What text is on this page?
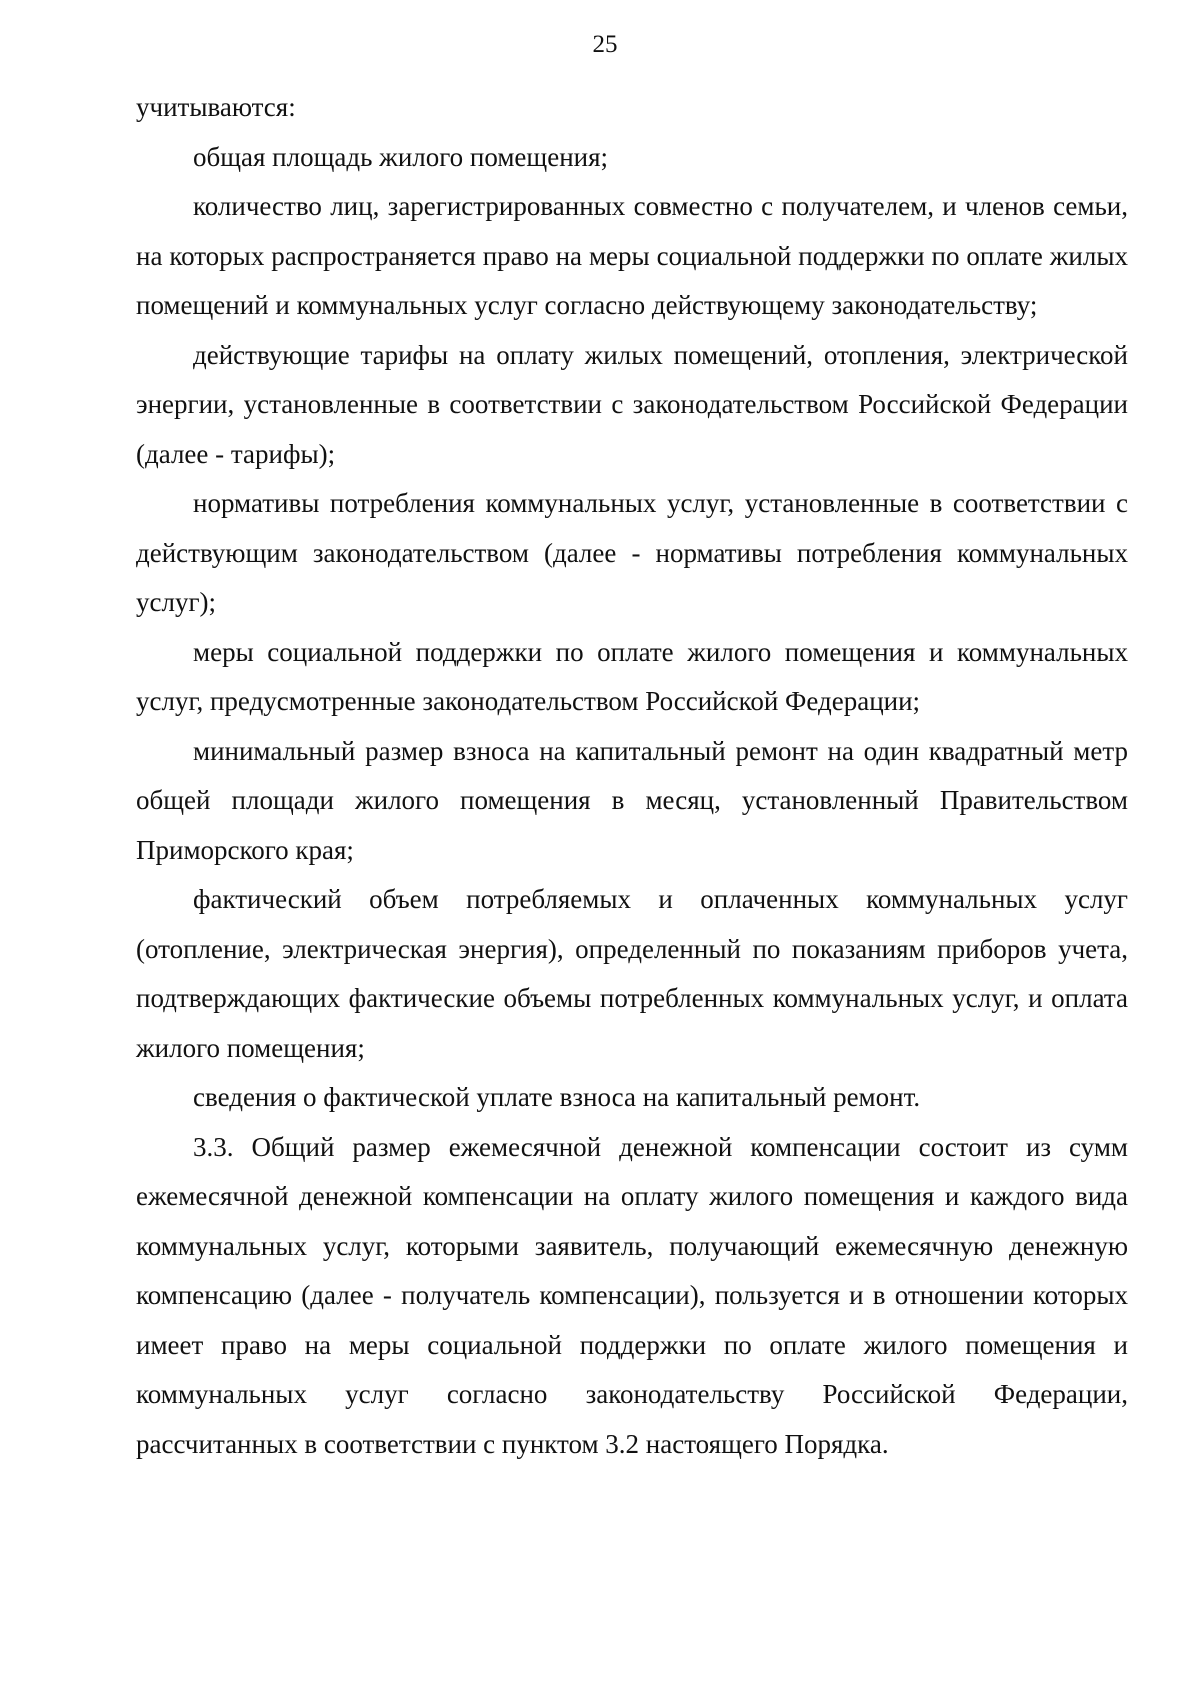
25

учитываются:

общая площадь жилого помещения;

количество лиц, зарегистрированных совместно с получателем, и членов семьи, на которых распространяется право на меры социальной поддержки по оплате жилых помещений и коммунальных услуг согласно действующему законодательству;

действующие тарифы на оплату жилых помещений, отопления, электрической энергии, установленные в соответствии с законодательством Российской Федерации (далее - тарифы);

нормативы потребления коммунальных услуг, установленные в соответствии с действующим законодательством (далее - нормативы потребления коммунальных услуг);

меры социальной поддержки по оплате жилого помещения и коммунальных услуг, предусмотренные законодательством Российской Федерации;

минимальный размер взноса на капитальный ремонт на один квадратный метр общей площади жилого помещения в месяц, установленный Правительством Приморского края;

фактический объем потребляемых и оплаченных коммунальных услуг (отопление, электрическая энергия), определенный по показаниям приборов учета, подтверждающих фактические объемы потребленных коммунальных услуг, и оплата жилого помещения;

сведения о фактической уплате взноса на капитальный ремонт.

3.3. Общий размер ежемесячной денежной компенсации состоит из сумм ежемесячной денежной компенсации на оплату жилого помещения и каждого вида коммунальных услуг, которыми заявитель, получающий ежемесячную денежную компенсацию (далее - получатель компенсации), пользуется и в отношении которых имеет право на меры социальной поддержки по оплате жилого помещения и коммунальных услуг согласно законодательству Российской Федерации, рассчитанных в соответствии с пунктом 3.2 настоящего Порядка.
